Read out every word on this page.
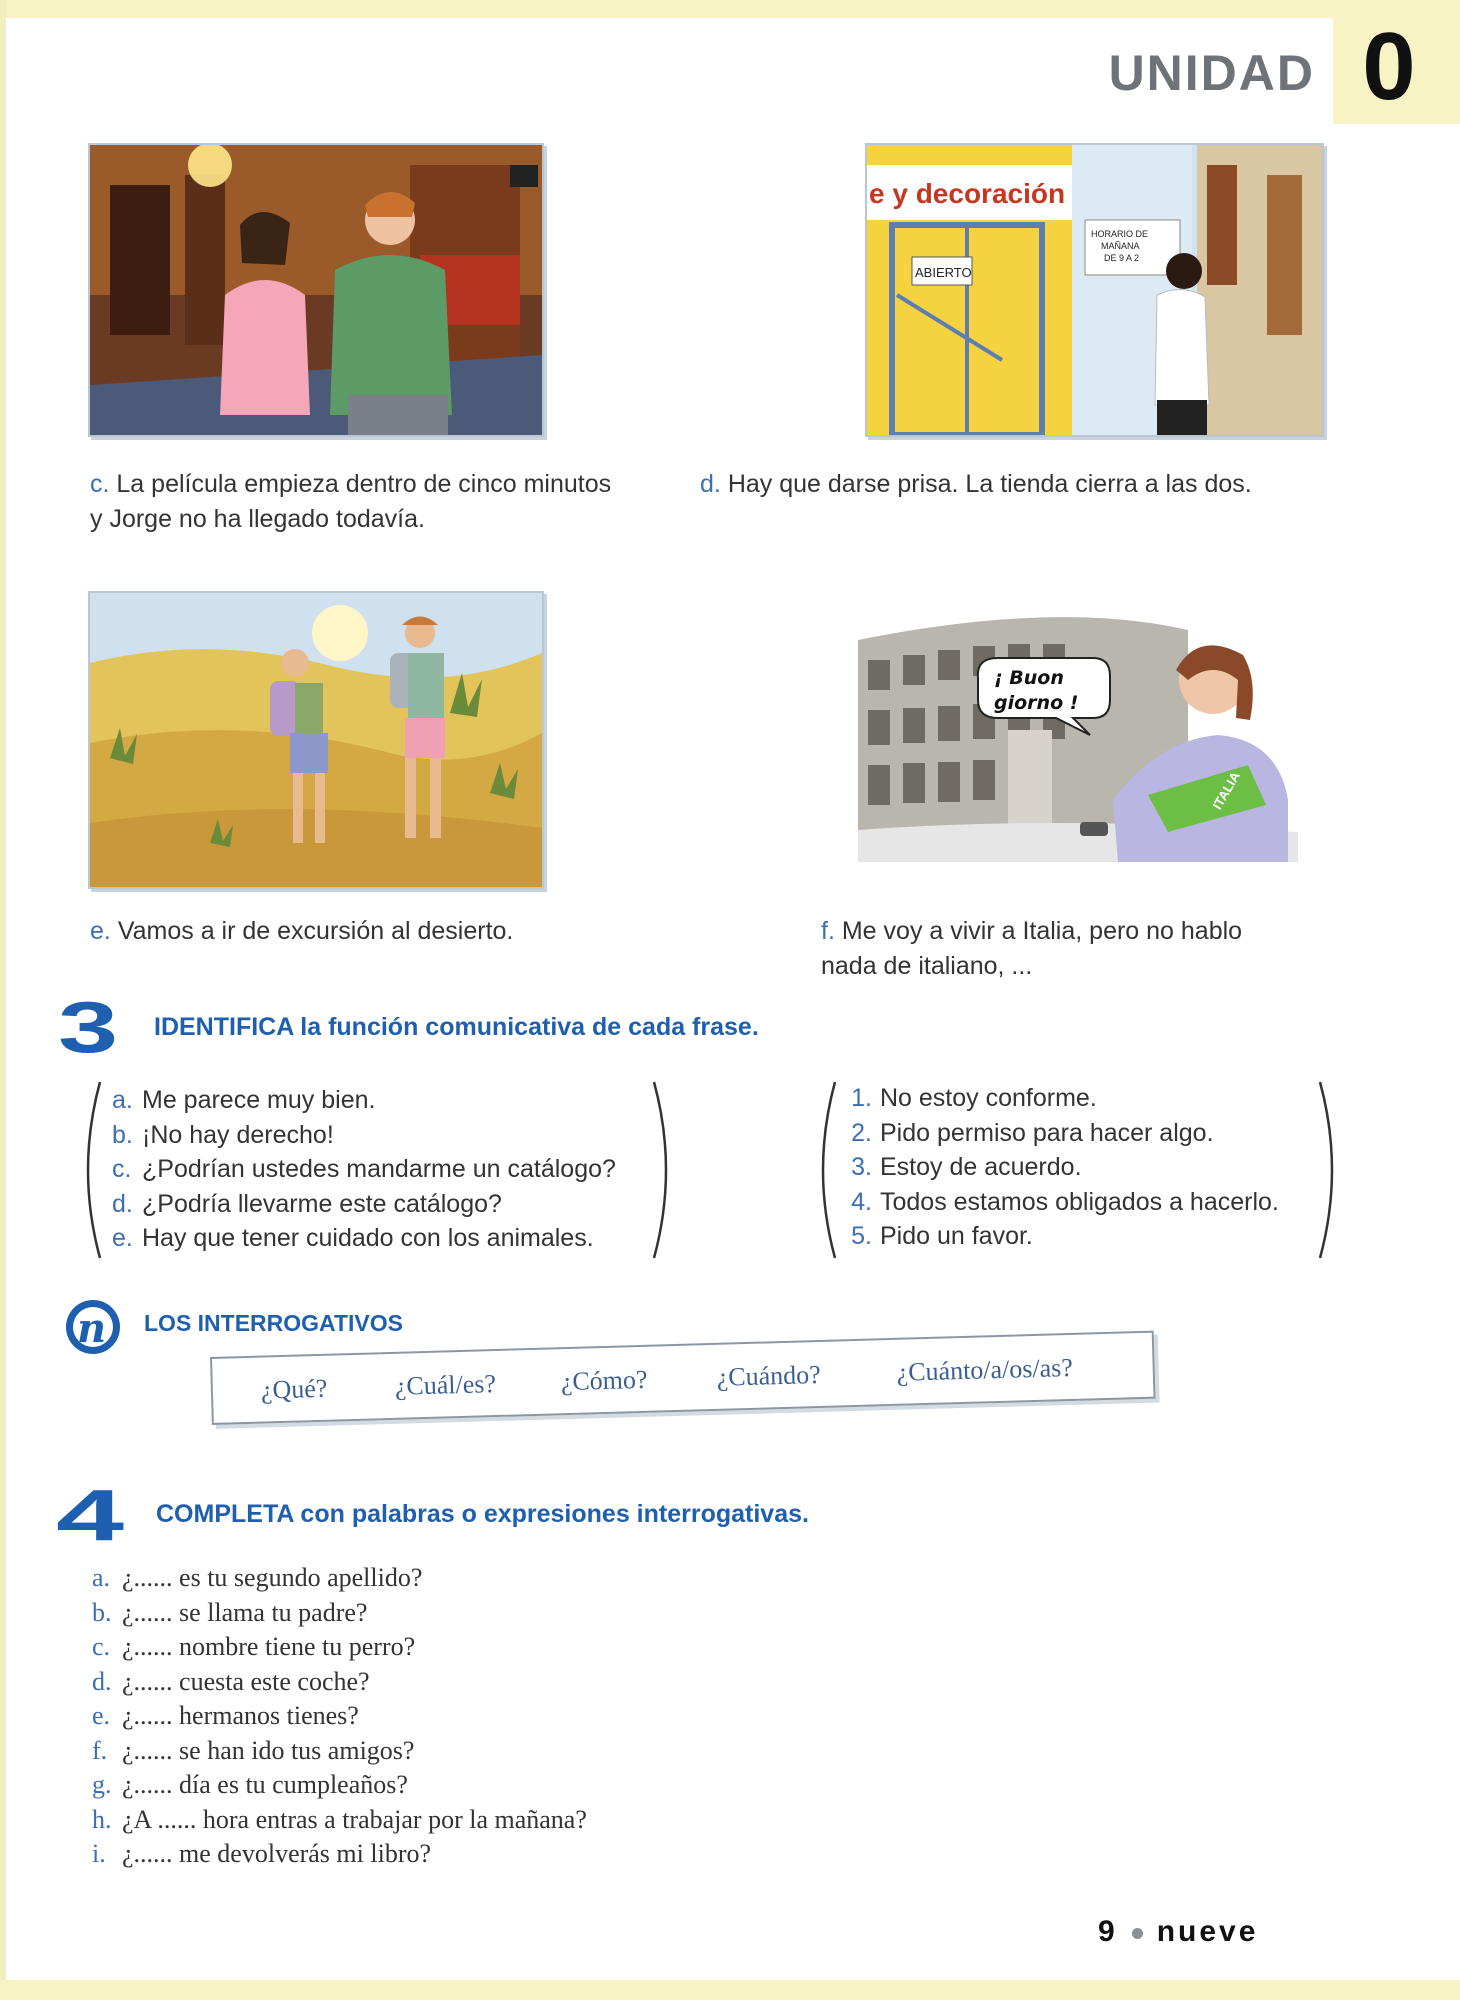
UNIDAD 0
e y decoración
ABIERTO
HORARIO DE
MAÑANA
DE 9 A 2
c. La película empieza dentro de cinco minutos
y Jorge no ha llegado todavía.
d. Hay que darse prisa. La tienda cierra a las dos.
¡ Buon
giorno !
ITALIA
e. Vamos a ir de excursión al desierto.	f. Me voy a vivir a Italia, pero no hablo
nada de italiano, ...
3 IDENTIFICA la función comunicativa de cada frase.
a. Me parece muy bien.
b. ¡No hay derecho!
c. ¿Podrían ustedes mandarme un catálogo?
d. ¿Podría llevarme este catálogo?
e. Hay que tener cuidado con los animales.
1. No estoy conforme.
2. Pido permiso para hacer algo.
3. Estoy de acuerdo.
4. Todos estamos obligados a hacerlo.
5. Pido un favor.
n LOS INTERROGATIVOS
¿Qué?	¿Cuál/es? ¿Cómo?	¿Cuándo?	¿Cuánto/a/os/as?
4 COMPLETA con palabras o expresiones interrogativas.
a. ¿...... es tu segundo apellido?
b. ¿...... se llama tu padre?
c. ¿...... nombre tiene tu perro?
d. ¿...... cuesta este coche?
e. ¿...... hermanos tienes?
f. ¿...... se han ido tus amigos?
g. ¿...... día es tu cumpleaños?
h. ¿A ...... hora entras a trabajar por la mañana?
i. ¿...... me devolverás mi libro?
9 nueve
